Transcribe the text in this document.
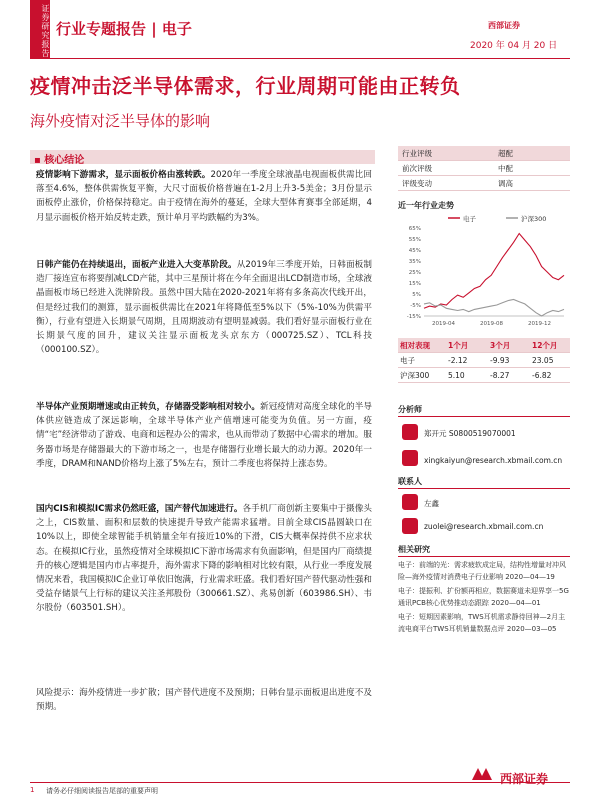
证券研究报告 行业专题报告 | 电子	西部证券
2020 年 04 月 20 日
疫情冲击泛半导体需求，行业周期可能由正转负
海外疫情对泛半导体的影响
▪ 核心结论
疫情影响下游需求，显示面板价格由涨转跌。2020年一季度全球液晶电视面板供需比回落至4.6%，整体供需恢复平衡，大尺寸面板价格普遍在1-2月上升3-5美金；3月份显示面板停止涨价，价格保持稳定。由于疫情在海外的蔓延，全球大型体育赛事全部延期，4月显示面板价格开始反转走跌，预计单月平均跌幅约为3%。
日韩产能仍在持续退出，面板产业进入大变革阶段。从2019年三季度开始，日韩面板制造厂接连宣布将要削减LCD产能，其中三星预计将在今年全面退出LCD制造市场，全球液晶面板市场已经进入洗牌阶段。虽然中国大陆在2020-2021年将有多条高次代线开出，但是经过我们的测算，显示面板供需比在2021年将降低至5%以下（5%-10%为供需平衡），行业有望进入长期景气周期，且周期波动有望明显减弱。我们看好显示面板行业在长期景气度的回升，建议关注显示面板龙头京东方（000725.SZ）、TCL科技（000100.SZ）。
半导体产业预期增速或由正转负，存储器受影响相对较小。新冠疫情对高度全球化的半导体供应链造成了深远影响，全球半导体产业产值增速可能变为负值。另一方面，疫情“宅”经济带动了游戏、电商和远程办公的需求，也从而带动了数据中心需求的增加。服务器市场是存储器最大的下游市场之一，也是存储器行业增长最大的动力源。2020年一季度，DRAM和NAND价格均上涨了5%左右，预计二季度也将保持上涨态势。
国内CIS和模拟IC需求仍然旺盛，国产替代加速进行。各手机厂商创新主要集中于摄像头之上，CIS数量、面积和层数的快速提升导致产能需求猛增。目前全球CIS晶圆缺口在10%以上，即使全球智能手机销量全年有接近10%的下滑，CIS大概率保持供不应求状态。在模拟IC行业，虽然疫情对全球模拟IC下游市场需求有负面影响，但是国内厂商绩提升的核心逻辑是国内市占率提升，海外需求下降的影响相对比较有限，从行业一季度发展情况来看，我国模拟IC企业订单依旧饱满，行业需求旺盛。我们看好国产替代驱动性强和受益存储景气上行标的建议关注圣邦股份（300661.SZ）、兆易创新（603986.SH）、韦尔股份（603501.SH）。
风险提示：海外疫情进一步扩散；国产替代进度不及预期；日韩台显示面板退出进度不及预期。
行业评级	超配
前次评级	中配
评级变动	调高
近一年行业走势
电子	沪深300
65%
55%
45%
35%
25%
15%
5%
-5%
-15%
2019-04	2019-08	2019-12
相对表现	1个月	3个月	12个月
电子	-2.12	-9.93	23.05
沪深300	5.10	-8.27	-6.82
分析师
郑开元 S0800519070001
xingkaiyun@research.xbmail.com.cn
联系人
左鑫
zuolei@research.xbmail.com.cn
相关研究
电子：前端的光：需求疲软成定局，结构性增量对冲风险—海外疫情对消费电子行业影响 2020—04—19
电子：提振利、扩份额再相应，数据赛道未迎界享一5G通讯PCB核心优势推动态跟踪 2020—04—01
电子：短期因素影响，TWS耳机需求静待回神—2月主流电商平台TWS耳机销量数据点评 2020—03—05
1 请务必仔细阅读报告尾部的重要声明
西部证券
